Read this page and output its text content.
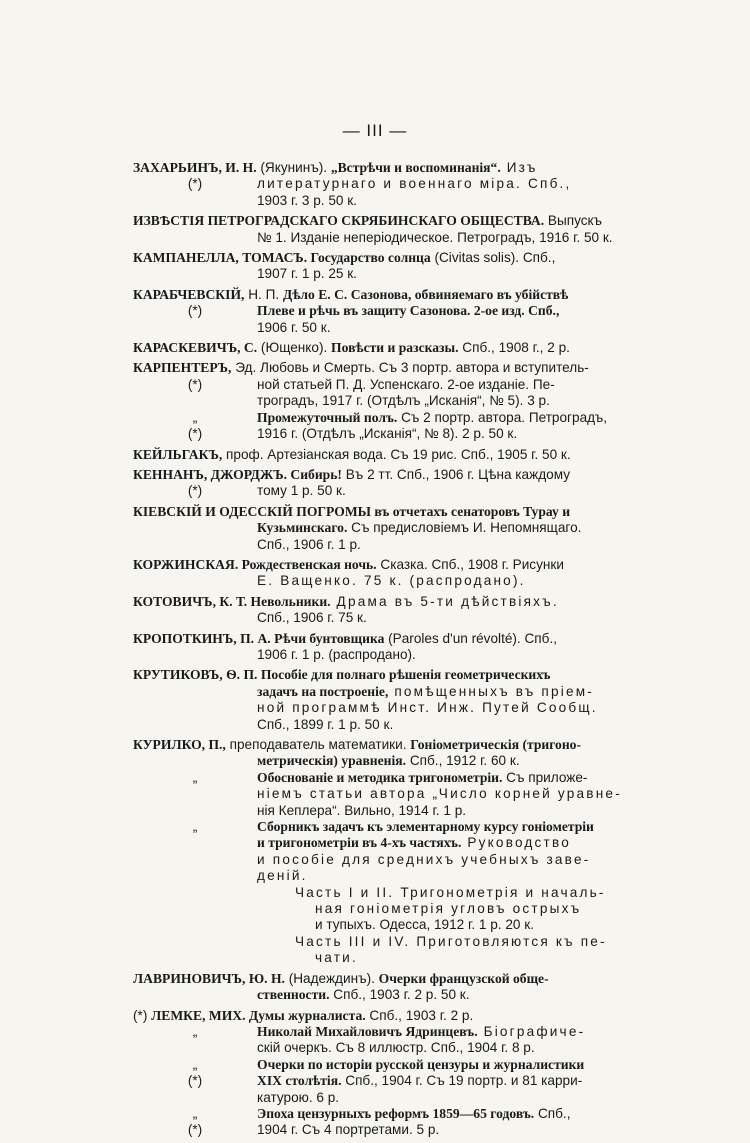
— III —
ЗАХАРЬИНЪ, И. Н. (Якунинъ). „Встрѣчи и воспоминанія“. Изъ
(*)	литературнаго и военнаго міра. Спб.,
1903 г. 3 р. 50 к.
ИЗВѢСТІЯ ПЕТРОГРАДСКАГО СКРЯБИНСКАГО ОБЩЕСТВА. Выпускъ
№ 1. Изданіе неперіодическое. Петроградъ, 1916 г. 50 к.
КАМПАНЕЛЛА, ТОМАСЪ. Государство солнца (Civitas solis). Спб.,
1907 г. 1 р. 25 к.
КАРАБЧЕВСКІЙ, Н. П. Дѣло Е. С. Сазонова, обвиняемаго въ убійствѣ
(*)	Плеве и рѣчь въ защиту Сазонова. 2-ое изд. Спб.,
1906 г. 50 к.
КАРАСКЕВИЧЪ, С. (Ющенко). Повѣсти и разсказы. Спб., 1908 г., 2 р.
КАРПЕНТЕРЪ, Эд. Любовь и Смерть. Съ 3 портр. автора и вступитель-
(*)	ной статьей П. Д. Успенскаго. 2-ое изданіе. Пе-
троградъ, 1917 г. (Отдѣлъ „Исканія“, № 5). 3 р.
„	Промежуточный полъ. Съ 2 портр. автора. Петроградъ,
(*)	1916 г. (Отдѣлъ „Исканія“, № 8). 2 р. 50 к.
КЕЙЛЬГАКЪ, проф. Артезіанская вода. Съ 19 рис. Спб., 1905 г. 50 к.
КЕННАНЪ, ДЖОРДЖЪ. Сибирь! Въ 2 тт. Спб., 1906 г. Цѣна каждому
(*)	тому 1 р. 50 к.
КІЕВСКІЙ И ОДЕССКІЙ ПОГРОМЫ въ отчетахъ сенаторовъ Турау и
Кузьминскаго. Съ предисловіемъ И. Непомнящаго.
Спб., 1906 г. 1 р.
КОРЖИНСКАЯ. Рождественская ночь. Сказка. Спб., 1908 г. Рисунки
Е. Ващенко. 75 к. (распродано).
КОТОВИЧЪ, К. Т. Невольники. Драма въ 5-ти дѣйствіяхъ.
Спб., 1906 г. 75 к.
КРОПОТКИНЪ, П. А. Рѣчи бунтовщика (Paroles d'un révolté). Спб.,
1906 г. 1 р. (распродано).
КРУТИКОВЪ, Ѳ. П. Пособіе для полнаго рѣшенія геометрическихъ
задачъ на построеніе, помѣщенныхъ въ пріем-
ной программѣ Инст. Инж. Путей Сообщ.
Спб., 1899 г. 1 р. 50 к.
КУРИЛКО, П., преподаватель математики. Гоніометрическія (тригоно-
метрическія) уравненія. Спб., 1912 г. 60 к.
„	Обоснованіе и методика тригонометріи. Съ приложе-
ніемъ статьи автора „Число корней уравне-
нія Кеплера“. Вильно, 1914 г. 1 р.
„	Сборникъ задачъ къ элементарному курсу гоніометріи
и тригонометріи въ 4-хъ частяхъ. Руководство
и пособіе для среднихъ учебныхъ заве-
деній.
Часть I и II. Тригонометрія и началь-
ная гоніометрія угловъ острыхъ
и тупыхъ. Одесса, 1912 г. 1 р. 20 к.
Часть III и IV. Приготовляются къ пе-
чати.
ЛАВРИНОВИЧЪ, Ю. Н. (Надеждинъ). Очерки французской обще-
ственности. Спб., 1903 г. 2 р. 50 к.
(*) ЛЕМКЕ, МИХ. Думы журналиста. Спб., 1903 г. 2 р.
„	Николай Михайловичъ Ядринцевъ. Біографиче-
скій очеркъ. Съ 8 иллюстр. Спб., 1904 г. 8 р.
„	Очерки по исторіи русской цензуры и журналистики
(*)	XIX столѣтія. Спб., 1904 г. Съ 19 портр. и 81 карри-
катурою. 6 р.
„	Эпоха цензурныхъ реформъ 1859—65 годовъ. Спб.,
(*)	1904 г. Съ 4 портретами. 5 р.
